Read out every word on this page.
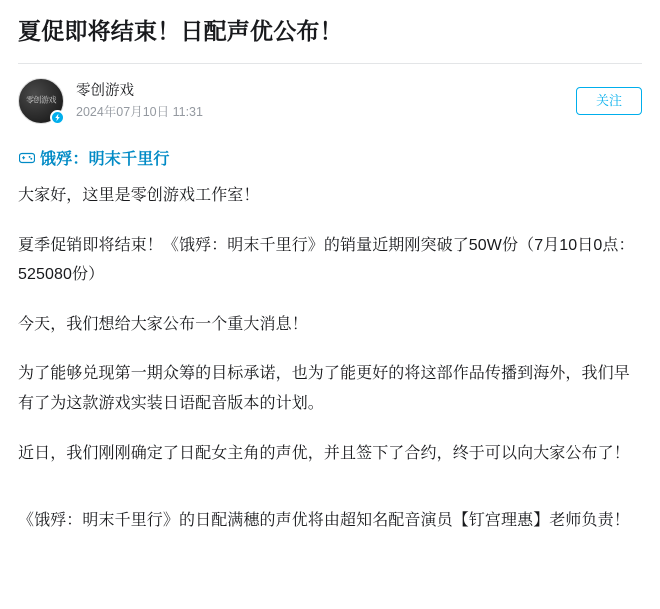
夏促即将结束！日配声优公布！
零创游戏
零创游戏
2024年07月10日 11:31
关注
饿殍：明末千里行

大家好，这里是零创游戏工作室！

夏季促销即将结束！《饿殍：明末千里行》的销量近期刚突破了50W份（7月10日0点：525080份）

今天，我们想给大家公布一个重大消息！

为了能够兑现第一期众筹的目标承诺，也为了能更好的将这部作品传播到海外，我们早有了为这款游戏实装日语配音版本的计划。

近日，我们刚刚确定了日配女主角的声优，并且签下了合约，终于可以向大家公布了！

《饿殍：明末千里行》的日配满穗的声优将由超知名配音演员【钉宫理惠】老师负责！
